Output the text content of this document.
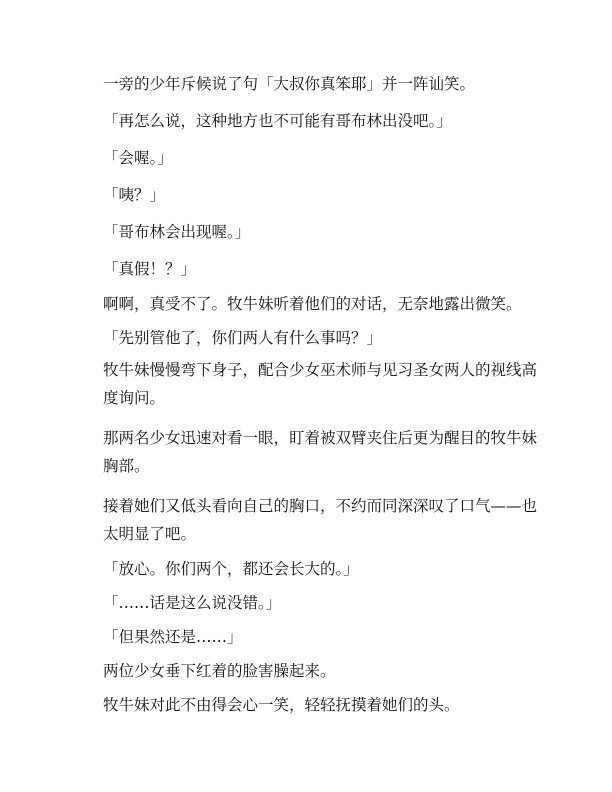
一旁的少年斥候说了句「大叔你真笨耶」并一阵讪笑。

「再怎么说，这种地方也不可能有哥布林出没吧。」

「会喔。」

「咦？」

「哥布林会出现喔。」

「真假！？」

啊啊，真受不了。牧牛妹听着他们的对话，无奈地露出微笑。

「先别管他了，你们两人有什么事吗？」

牧牛妹慢慢弯下身子，配合少女巫术师与见习圣女两人的视线高度询问。

那两名少女迅速对看一眼，盯着被双臂夹住后更为醒目的牧牛妹胸部。

接着她们又低头看向自己的胸口，不约而同深深叹了口气——也太明显了吧。

「放心。你们两个，都还会长大的。」

「……话是这么说没错。」

「但果然还是……」

两位少女垂下红着的脸害臊起来。

牧牛妹对此不由得会心一笑，轻轻抚摸着她们的头。
